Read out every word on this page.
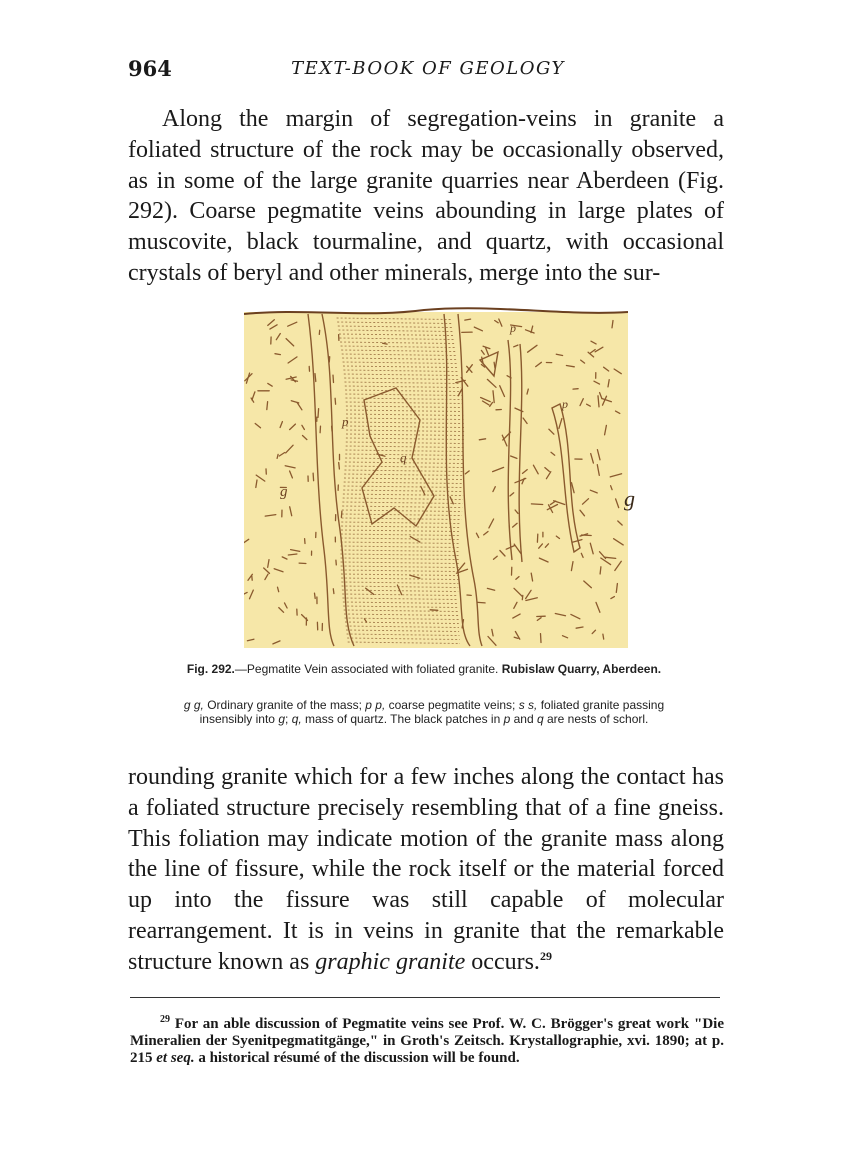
964	TEXT-BOOK OF GEOLOGY

Along the margin of segregation-veins in granite a foliated structure of the rock may be occasionally observed, as in some of the large granite quarries near Aberdeen (Fig. 292). Coarse pegmatite veins abounding in large plates of muscovite, black tourmaline, and quartz, with occasional crystals of beryl and other minerals, merge into the sur-

g
p
q
p
p
g
Fig. 292.—Pegmatite Vein associated with foliated granite. Rubislaw Quarry, Aberdeen.
g g, Ordinary granite of the mass; p p, coarse pegmatite veins; s s, foliated granite passing insensibly into g; q, mass of quartz. The black patches in p and q are nests of schorl.

rounding granite which for a few inches along the contact has a foliated structure precisely resembling that of a fine gneiss. This foliation may indicate motion of the granite mass along the line of fissure, while the rock itself or the material forced up into the fissure was still capable of molecular rearrangement. It is in veins in granite that the remarkable structure known as graphic granite occurs.$^{29}$

$^{29}$ For an able discussion of Pegmatite veins see Prof. W. C. Brögger's great work "Die Mineralien der Syenitpegmatitgänge," in Groth's Zeitsch. Krystallographie, xvi. 1890; at p. 215 et seq. a historical résumé of the discussion will be found.
